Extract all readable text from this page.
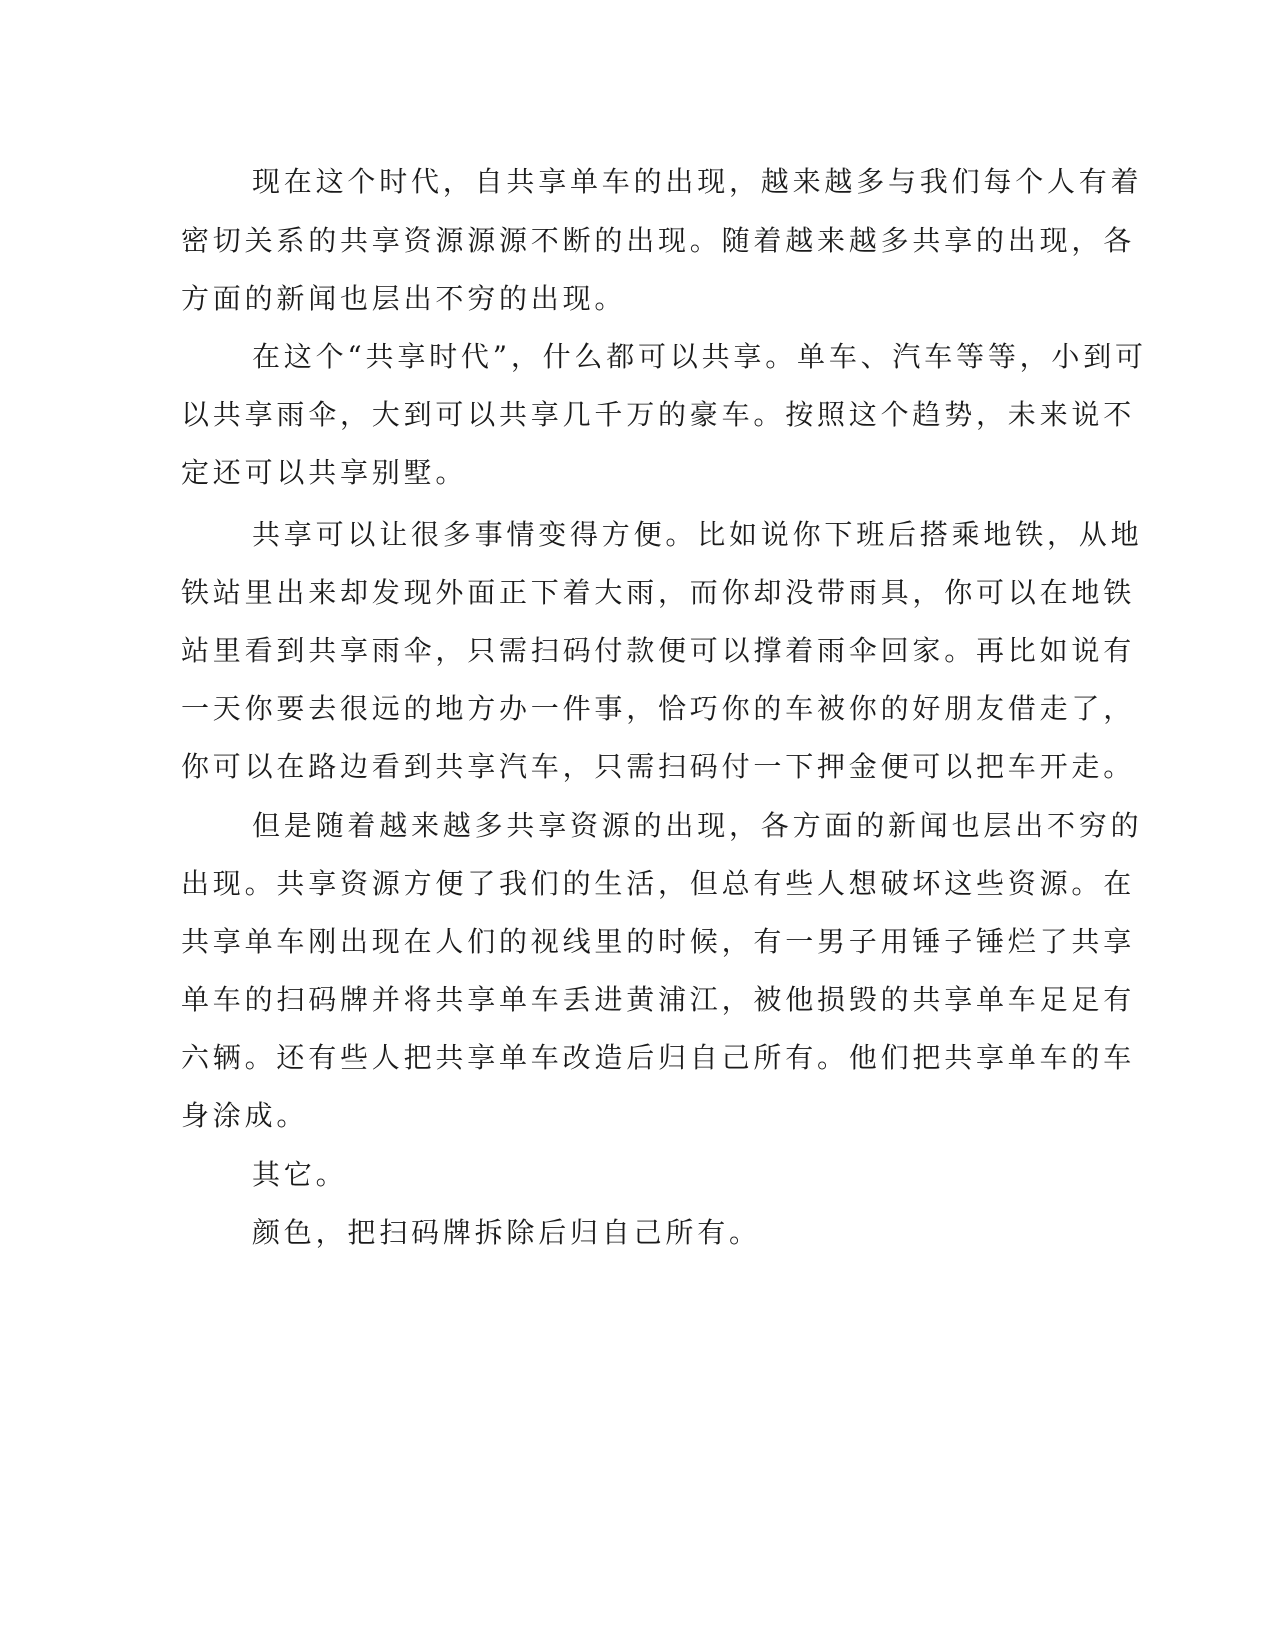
现在这个时代，自共享单车的出现，越来越多与我们每个人有着

密切关系的共享资源源源不断的出现。随着越来越多共享的出现，各

方面的新闻也层出不穷的出现。

在这个“共享时代”，什么都可以共享。单车、汽车等等，小到可

以共享雨伞，大到可以共享几千万的豪车。按照这个趋势，未来说不

定还可以共享别墅。

共享可以让很多事情变得方便。比如说你下班后搭乘地铁，从地

铁站里出来却发现外面正下着大雨，而你却没带雨具，你可以在地铁

站里看到共享雨伞，只需扫码付款便可以撑着雨伞回家。再比如说有

一天你要去很远的地方办一件事，恰巧你的车被你的好朋友借走了，

你可以在路边看到共享汽车，只需扫码付一下押金便可以把车开走。

但是随着越来越多共享资源的出现，各方面的新闻也层出不穷的

出现。共享资源方便了我们的生活，但总有些人想破坏这些资源。在

共享单车刚出现在人们的视线里的时候，有一男子用锤子锤烂了共享

单车的扫码牌并将共享单车丢进黄浦江，被他损毁的共享单车足足有

六辆。还有些人把共享单车改造后归自己所有。他们把共享单车的车

身涂成。

其它。

颜色，把扫码牌拆除后归自己所有。
